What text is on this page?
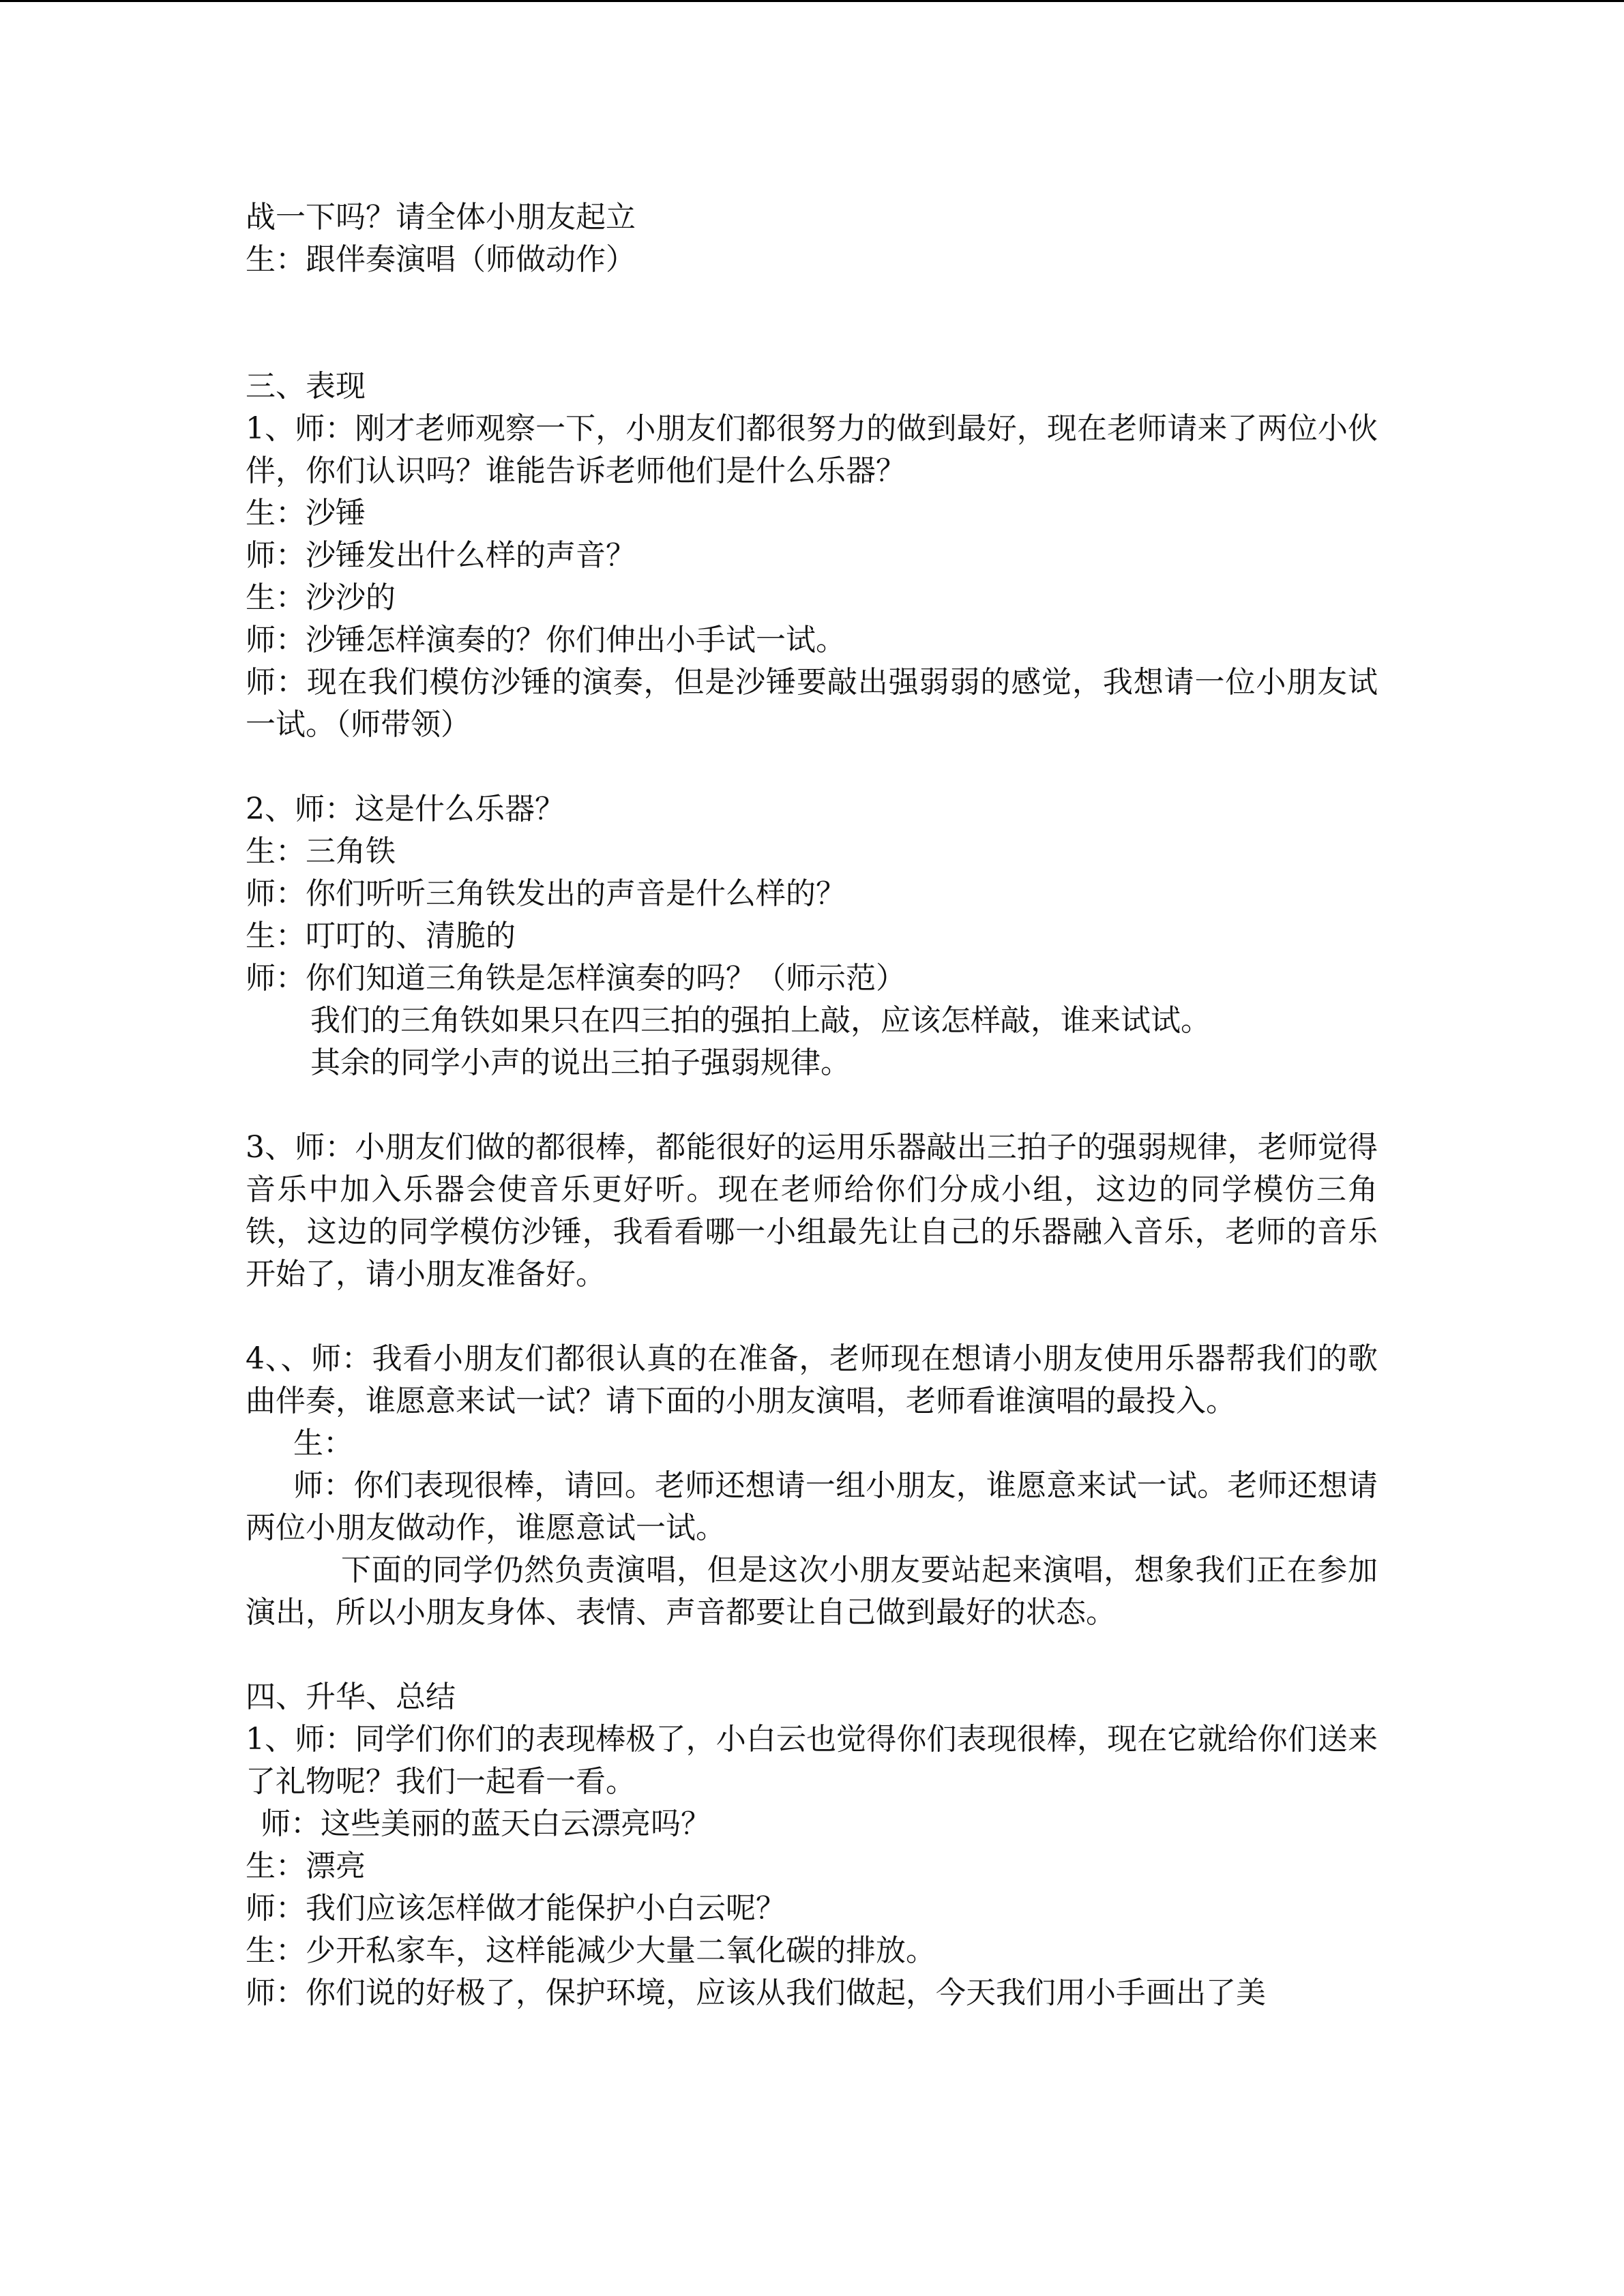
战一下吗？请全体小朋友起立
生：跟伴奏演唱（师做动作）
三、表现
1、师：刚才老师观察一下，小朋友们都很努力的做到最好，现在老师请来了两位小伙伴，你们认识吗？谁能告诉老师他们是什么乐器？
生：沙锤
师：沙锤发出什么样的声音？
生：沙沙的
师：沙锤怎样演奏的？你们伸出小手试一试。
师：现在我们模仿沙锤的演奏，但是沙锤要敲出强弱弱的感觉，我想请一位小朋友试一试。（师带领）
2、师：这是什么乐器？
生：三角铁
师：你们听听三角铁发出的声音是什么样的？
生：叮叮的、清脆的
师：你们知道三角铁是怎样演奏的吗？（师示范）
我们的三角铁如果只在四三拍的强拍上敲，应该怎样敲，谁来试试。
其余的同学小声的说出三拍子强弱规律。
3、师：小朋友们做的都很棒，都能很好的运用乐器敲出三拍子的强弱规律，老师觉得音乐中加入乐器会使音乐更好听。现在老师给你们分成小组，这边的同学模仿三角铁，这边的同学模仿沙锤，我看看哪一小组最先让自己的乐器融入音乐，老师的音乐开始了，请小朋友准备好。
4、、师：我看小朋友们都很认真的在准备，老师现在想请小朋友使用乐器帮我们的歌曲伴奏，谁愿意来试一试？请下面的小朋友演唱，老师看谁演唱的最投入。
生：
师：你们表现很棒，请回。老师还想请一组小朋友，谁愿意来试一试。老师还想请两位小朋友做动作，谁愿意试一试。
下面的同学仍然负责演唱，但是这次小朋友要站起来演唱，想象我们正在参加演出，所以小朋友身体、表情、声音都要让自己做到最好的状态。
四、升华、总结
1、师：同学们你们的表现棒极了，小白云也觉得你们表现很棒，现在它就给你们送来了礼物呢？我们一起看一看。
师：这些美丽的蓝天白云漂亮吗？
生：漂亮
师：我们应该怎样做才能保护小白云呢？
生：少开私家车，这样能减少大量二氧化碳的排放。
师：你们说的好极了，保护环境，应该从我们做起，今天我们用小手画出了美
